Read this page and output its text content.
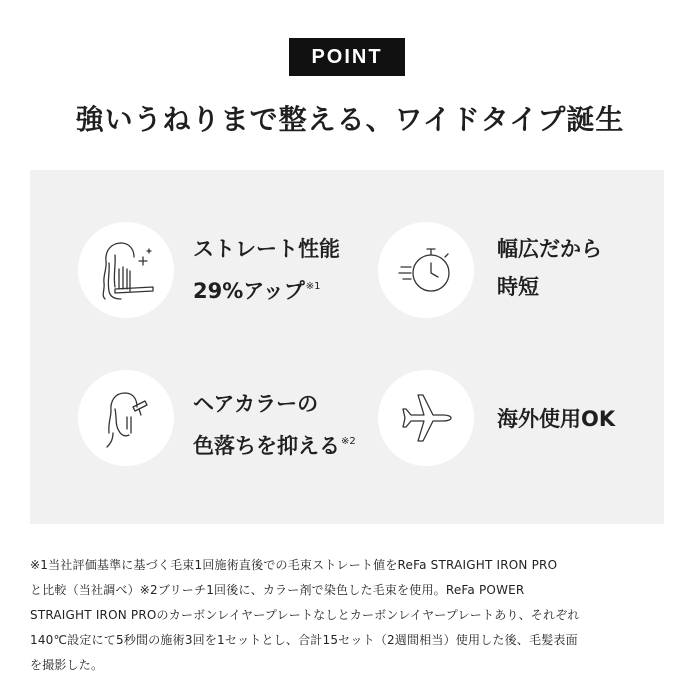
POINT
強いうねりまで整える、ワイドタイプ誕生
ストレート性能
29%アップ$^{※1}$
幅広だから
時短
ヘアカラーの
色落ちを抑える$^{※2}$
海外使用OK
※1当社評価基準に基づく毛束1回施術直後での毛束ストレート値をReFa STRAIGHT IRON PRO
と比較（当社調べ）※2ブリーチ1回後に、カラー剤で染色した毛束を使用。ReFa POWER
STRAIGHT IRON PROのカーボンレイヤープレートなしとカーボンレイヤープレートあり、それぞれ
140℃設定にて5秒間の施術3回を1セットとし、合計15セット（2週間相当）使用した後、毛髪表面
を撮影した。
